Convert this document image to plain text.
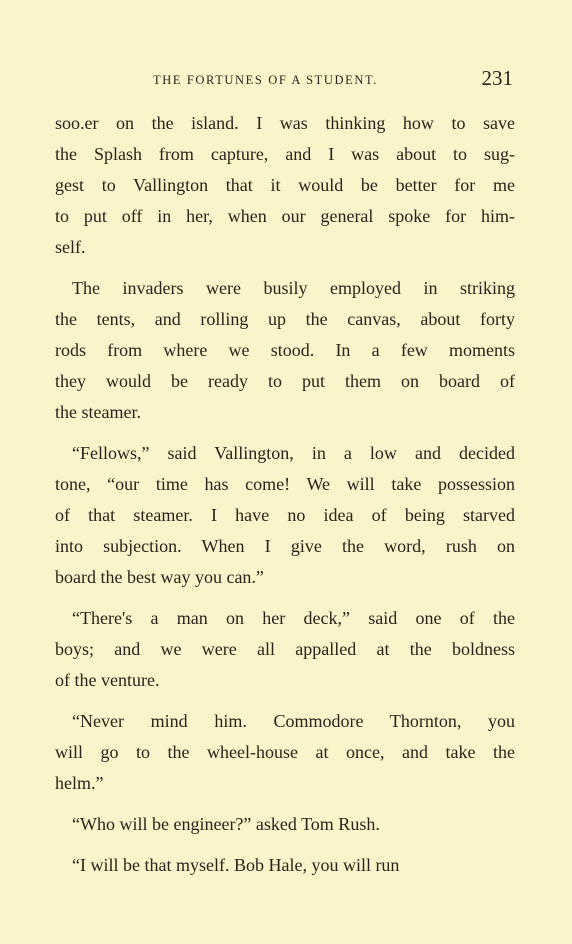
THE FORTUNES OF A STUDENT.	231
soo.er on the island. I was thinking how to save
the Splash from capture, and I was about to sug-
gest to Vallington that it would be better for me
to put off in her, when our general spoke for him-
self.
The invaders were busily employed in striking
the tents, and rolling up the canvas, about forty
rods from where we stood. In a few moments
they would be ready to put them on board of
the steamer.
“Fellows,” said Vallington, in a low and decided
tone, “our time has come! We will take possession
of that steamer. I have no idea of being starved
into subjection. When I give the word, rush on
board the best way you can.”
“There's a man on her deck,” said one of the
boys; and we were all appalled at the boldness
of the venture.
“Never mind him. Commodore Thornton, you
will go to the wheel-house at once, and take the
helm.”
“Who will be engineer?” asked Tom Rush.
“I will be that myself. Bob Hale, you will run
